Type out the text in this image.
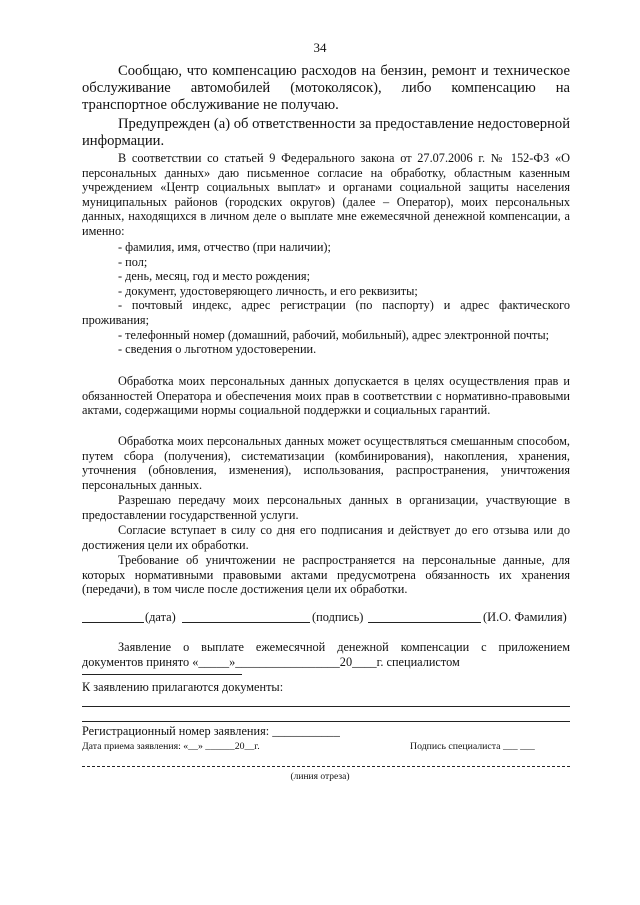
34
Сообщаю, что компенсацию расходов на бензин, ремонт и техническое обслуживание автомобилей (мотоколясок), либо компенсацию на транспортное обслуживание не получаю.
Предупрежден (а) об ответственности за предоставление недостоверной информации.
В соответствии со статьей 9 Федерального закона от 27.07.2006 г. № 152-ФЗ «О персональных данных» даю письменное согласие на обработку, областным казенным учреждением «Центр социальных выплат» и органами социальной защиты населения муниципальных районов (городских округов) (далее – Оператор), моих персональных данных, находящихся в личном деле о выплате мне ежемесячной денежной компенсации, а именно:
- фамилия, имя, отчество (при наличии);
- пол;
- день, месяц, год и место рождения;
- документ, удостоверяющего личность, и его реквизиты;
- почтовый индекс, адрес регистрации (по паспорту) и адрес фактического проживания;
- телефонный номер (домашний, рабочий, мобильный), адрес электронной почты;
- сведения о льготном удостоверении.
Обработка моих персональных данных допускается в целях осуществления прав и обязанностей Оператора и обеспечения моих прав в соответствии с нормативно-правовыми актами, содержащими нормы социальной поддержки и социальных гарантий.
Обработка моих персональных данных может осуществляться смешанным способом, путем сбора (получения), систематизации (комбинирования), накопления, хранения, уточнения (обновления, изменения), использования, распространения, уничтожения персональных данных.
Разрешаю передачу моих персональных данных в организации, участвующие в предоставлении государственной услуги.
Согласие вступает в силу со дня его подписания и действует до его отзыва или до достижения цели их обработки.
Требование об уничтожении не распространяется на персональные данные, для которых нормативными правовыми актами предусмотрена обязанность их хранения (передачи), в том числе после достижения цели их обработки.
(дата)	(подпись)	(И.О. Фамилия)
Заявление о выплате ежемесячной денежной компенсации с приложением документов принято «_____»_________________20____г. специалистом
К заявлению прилагаются документы:
Регистрационный номер заявления: ___________
Дата приема заявления: «__» ______20__г.	Подпись специалиста ___ ___
(линия отреза)
